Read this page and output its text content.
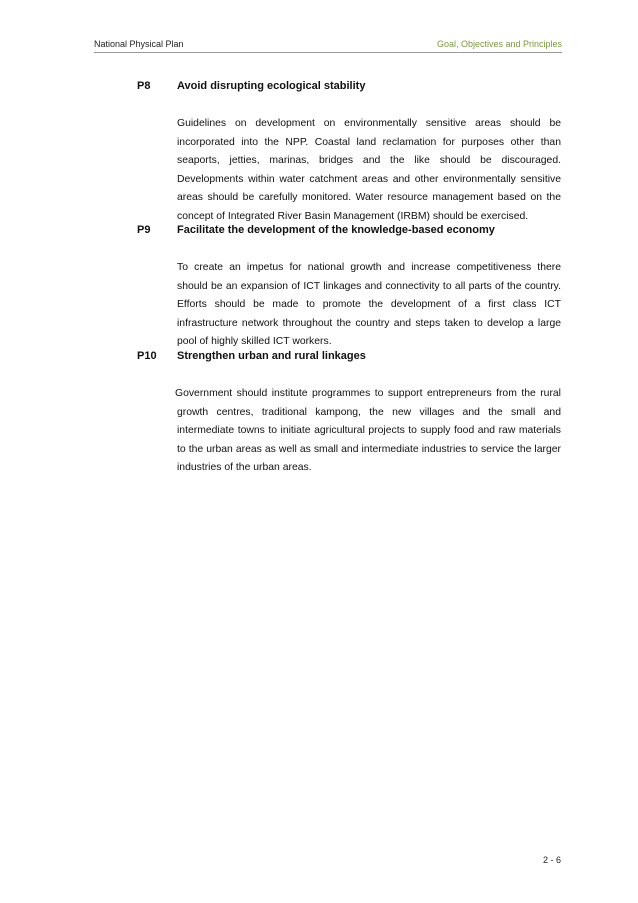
National Physical Plan	Goal, Objectives and Principles
P8 Avoid disrupting ecological stability
Guidelines on development on environmentally sensitive areas should be incorporated into the NPP. Coastal land reclamation for purposes other than seaports, jetties, marinas, bridges and the like should be discouraged. Developments within water catchment areas and other environmentally sensitive areas should be carefully monitored. Water resource management based on the concept of Integrated River Basin Management (IRBM) should be exercised.
P9 Facilitate the development of the knowledge-based economy
To create an impetus for national growth and increase competitiveness there should be an expansion of ICT linkages and connectivity to all parts of the country. Efforts should be made to promote the development of a first class ICT infrastructure network throughout the country and steps taken to develop a large pool of highly skilled ICT workers.
P10 Strengthen urban and rural linkages
Government should institute programmes to support entrepreneurs from the rural growth centres, traditional kampong, the new villages and the small and intermediate towns to initiate agricultural projects to supply food and raw materials to the urban areas as well as small and intermediate industries to service the larger industries of the urban areas.
2 - 6
